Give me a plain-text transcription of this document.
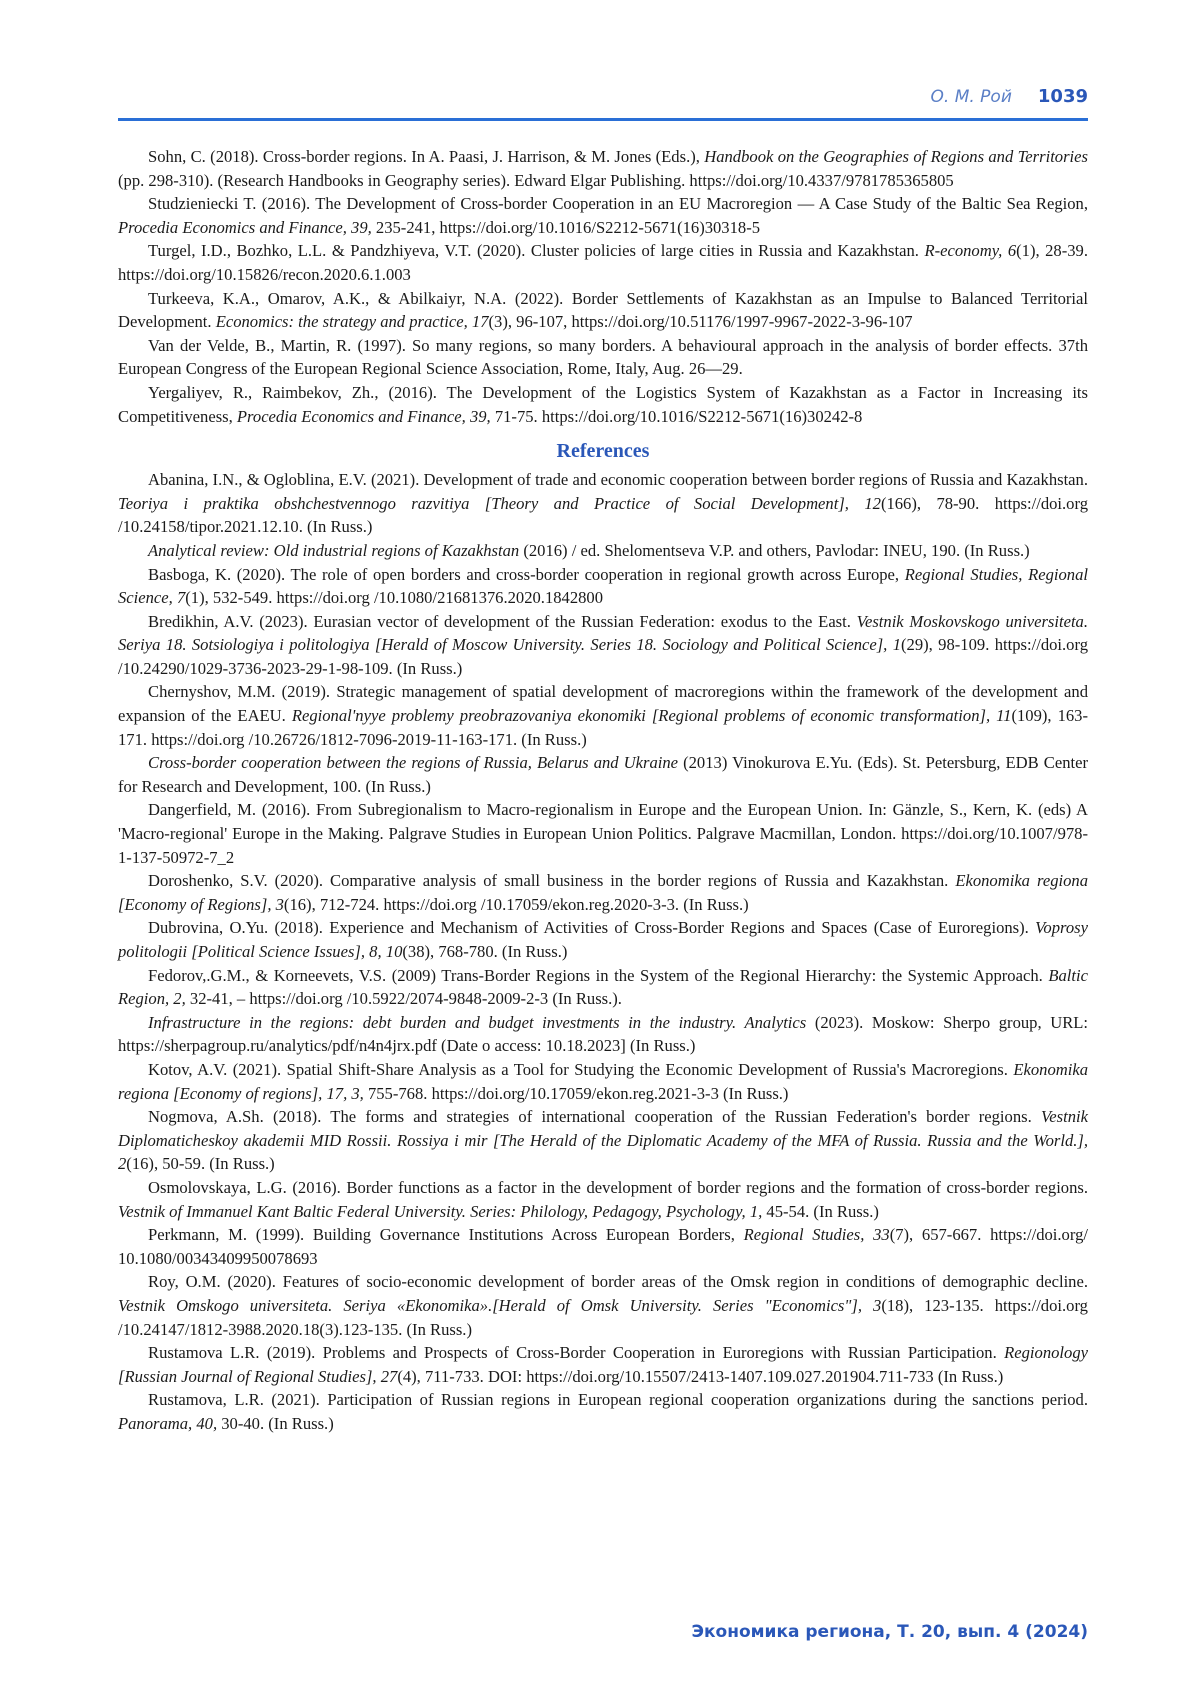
О. М. Рой 1039

Sohn, C. (2018). Cross-border regions. In A. Paasi, J. Harrison, & M. Jones (Eds.), Handbook on the Geographies of Regions and Territories (pp. 298-310). (Research Handbooks in Geography series). Edward Elgar Publishing. https://doi.org/10.4337/9781785365805

Studzieniecki T. (2016). The Development of Cross-border Cooperation in an EU Macroregion — A Case Study of the Baltic Sea Region, Procedia Economics and Finance, 39, 235-241, https://doi.org/10.1016/S2212-5671(16)30318-5

Turgel, I.D., Bozhko, L.L. & Pandzhiyeva, V.T. (2020). Cluster policies of large cities in Russia and Kazakhstan. R-economy, 6(1), 28-39. https://doi.org/10.15826/recon.2020.6.1.003

Turkeeva, K.A., Omarov, A.K., & Abilkaiyr, N.A. (2022). Border Settlements of Kazakhstan as an Impulse to Balanced Territorial Development. Economics: the strategy and practice, 17(3), 96-107, https://doi.org/10.51176/1997-9967-2022-3-96-107

Van der Velde, B., Martin, R. (1997). So many regions, so many borders. A behavioural approach in the analysis of border effects. 37th European Congress of the European Regional Science Association, Rome, Italy, Aug. 26—29.

Yergaliyev, R., Raimbekov, Zh., (2016). The Development of the Logistics System of Kazakhstan as a Factor in Increasing its Competitiveness, Procedia Economics and Finance, 39, 71-75. https://doi.org/10.1016/S2212-5671(16)30242-8

References

Abanina, I.N., & Ogloblina, E.V. (2021). Development of trade and economic cooperation between border regions of Russia and Kazakhstan. Teoriya i praktika obshchestvennogo razvitiya [Theory and Practice of Social Development], 12(166), 78-90. https://doi.org /10.24158/tipor.2021.12.10. (In Russ.)

Analytical review: Old industrial regions of Kazakhstan (2016) / ed. Shelomentseva V.P. and others, Pavlodar: INEU, 190. (In Russ.)

Basboga, K. (2020). The role of open borders and cross-border cooperation in regional growth across Europe, Regional Studies, Regional Science, 7(1), 532-549. https://doi.org /10.1080/21681376.2020.1842800

Bredikhin, A.V. (2023). Eurasian vector of development of the Russian Federation: exodus to the East. Vestnik Moskovskogo universiteta. Seriya 18. Sotsiologiya i politologiya [Herald of Moscow University. Series 18. Sociology and Political Science], 1(29), 98-109. https://doi.org /10.24290/1029-3736-2023-29-1-98-109. (In Russ.)

Chernyshov, M.M. (2019). Strategic management of spatial development of macroregions within the framework of the development and expansion of the EAEU. Regional'nyye problemy preobrazovaniya ekonomiki [Regional problems of economic transformation], 11(109), 163-171. https://doi.org /10.26726/1812-7096-2019-11-163-171. (In Russ.)

Cross-border cooperation between the regions of Russia, Belarus and Ukraine (2013) Vinokurova E.Yu. (Eds). St. Petersburg, EDB Center for Research and Development, 100. (In Russ.)

Dangerfield, M. (2016). From Subregionalism to Macro-regionalism in Europe and the European Union. In: Gänzle, S., Kern, K. (eds) A 'Macro-regional' Europe in the Making. Palgrave Studies in European Union Politics. Palgrave Macmillan, London. https://doi.org/10.1007/978-1-137-50972-7_2

Doroshenko, S.V. (2020). Comparative analysis of small business in the border regions of Russia and Kazakhstan. Ekonomika regiona [Economy of Regions], 3(16), 712-724. https://doi.org /10.17059/ekon.reg.2020-3-3. (In Russ.)

Dubrovina, O.Yu. (2018). Experience and Mechanism of Activities of Cross-Border Regions and Spaces (Case of Euroregions). Voprosy politologii [Political Science Issues], 8, 10(38), 768-780. (In Russ.)

Fedorov,.G.M., & Korneevets, V.S. (2009) Trans-Border Regions in the System of the Regional Hierarchy: the Systemic Approach. Baltic Region, 2, 32-41, – https://doi.org /10.5922/2074-9848-2009-2-3 (In Russ.).

Infrastructure in the regions: debt burden and budget investments in the industry. Analytics (2023). Moskow: Sherpo group, URL: https://sherpagroup.ru/analytics/pdf/n4n4jrx.pdf (Date o access: 10.18.2023] (In Russ.)

Kotov, A.V. (2021). Spatial Shift-Share Analysis as a Tool for Studying the Economic Development of Russia's Macroregions. Ekonomika regiona [Economy of regions], 17, 3, 755-768. https://doi.org/10.17059/ekon.reg.2021-3-3 (In Russ.)

Nogmova, A.Sh. (2018). The forms and strategies of international cooperation of the Russian Federation's border regions. Vestnik Diplomaticheskoy akademii MID Rossii. Rossiya i mir [The Herald of the Diplomatic Academy of the MFA of Russia. Russia and the World.], 2(16), 50-59. (In Russ.)

Osmolovskaya, L.G. (2016). Border functions as a factor in the development of border regions and the formation of cross-border regions. Vestnik of Immanuel Kant Baltic Federal University. Series: Philology, Pedagogy, Psychology, 1, 45-54. (In Russ.)

Perkmann, M. (1999). Building Governance Institutions Across European Borders, Regional Studies, 33(7), 657-667. https://doi.org/ 10.1080/00343409950078693

Roy, O.M. (2020). Features of socio-economic development of border areas of the Omsk region in conditions of demographic decline. Vestnik Omskogo universiteta. Seriya «Ekonomika».[Herald of Omsk University. Series "Economics"], 3(18), 123-135. https://doi.org /10.24147/1812-3988.2020.18(3).123-135. (In Russ.)

Rustamova L.R. (2019). Problems and Prospects of Cross-Border Cooperation in Euroregions with Russian Participation. Regionology [Russian Journal of Regional Studies], 27(4), 711-733. DOI: https://doi.org/10.15507/2413-1407.109.027.201904.711-733 (In Russ.)

Rustamova, L.R. (2021). Participation of Russian regions in European regional cooperation organizations during the sanctions period. Panorama, 40, 30-40. (In Russ.)

Экономика региона, Т. 20, вып. 4 (2024)
